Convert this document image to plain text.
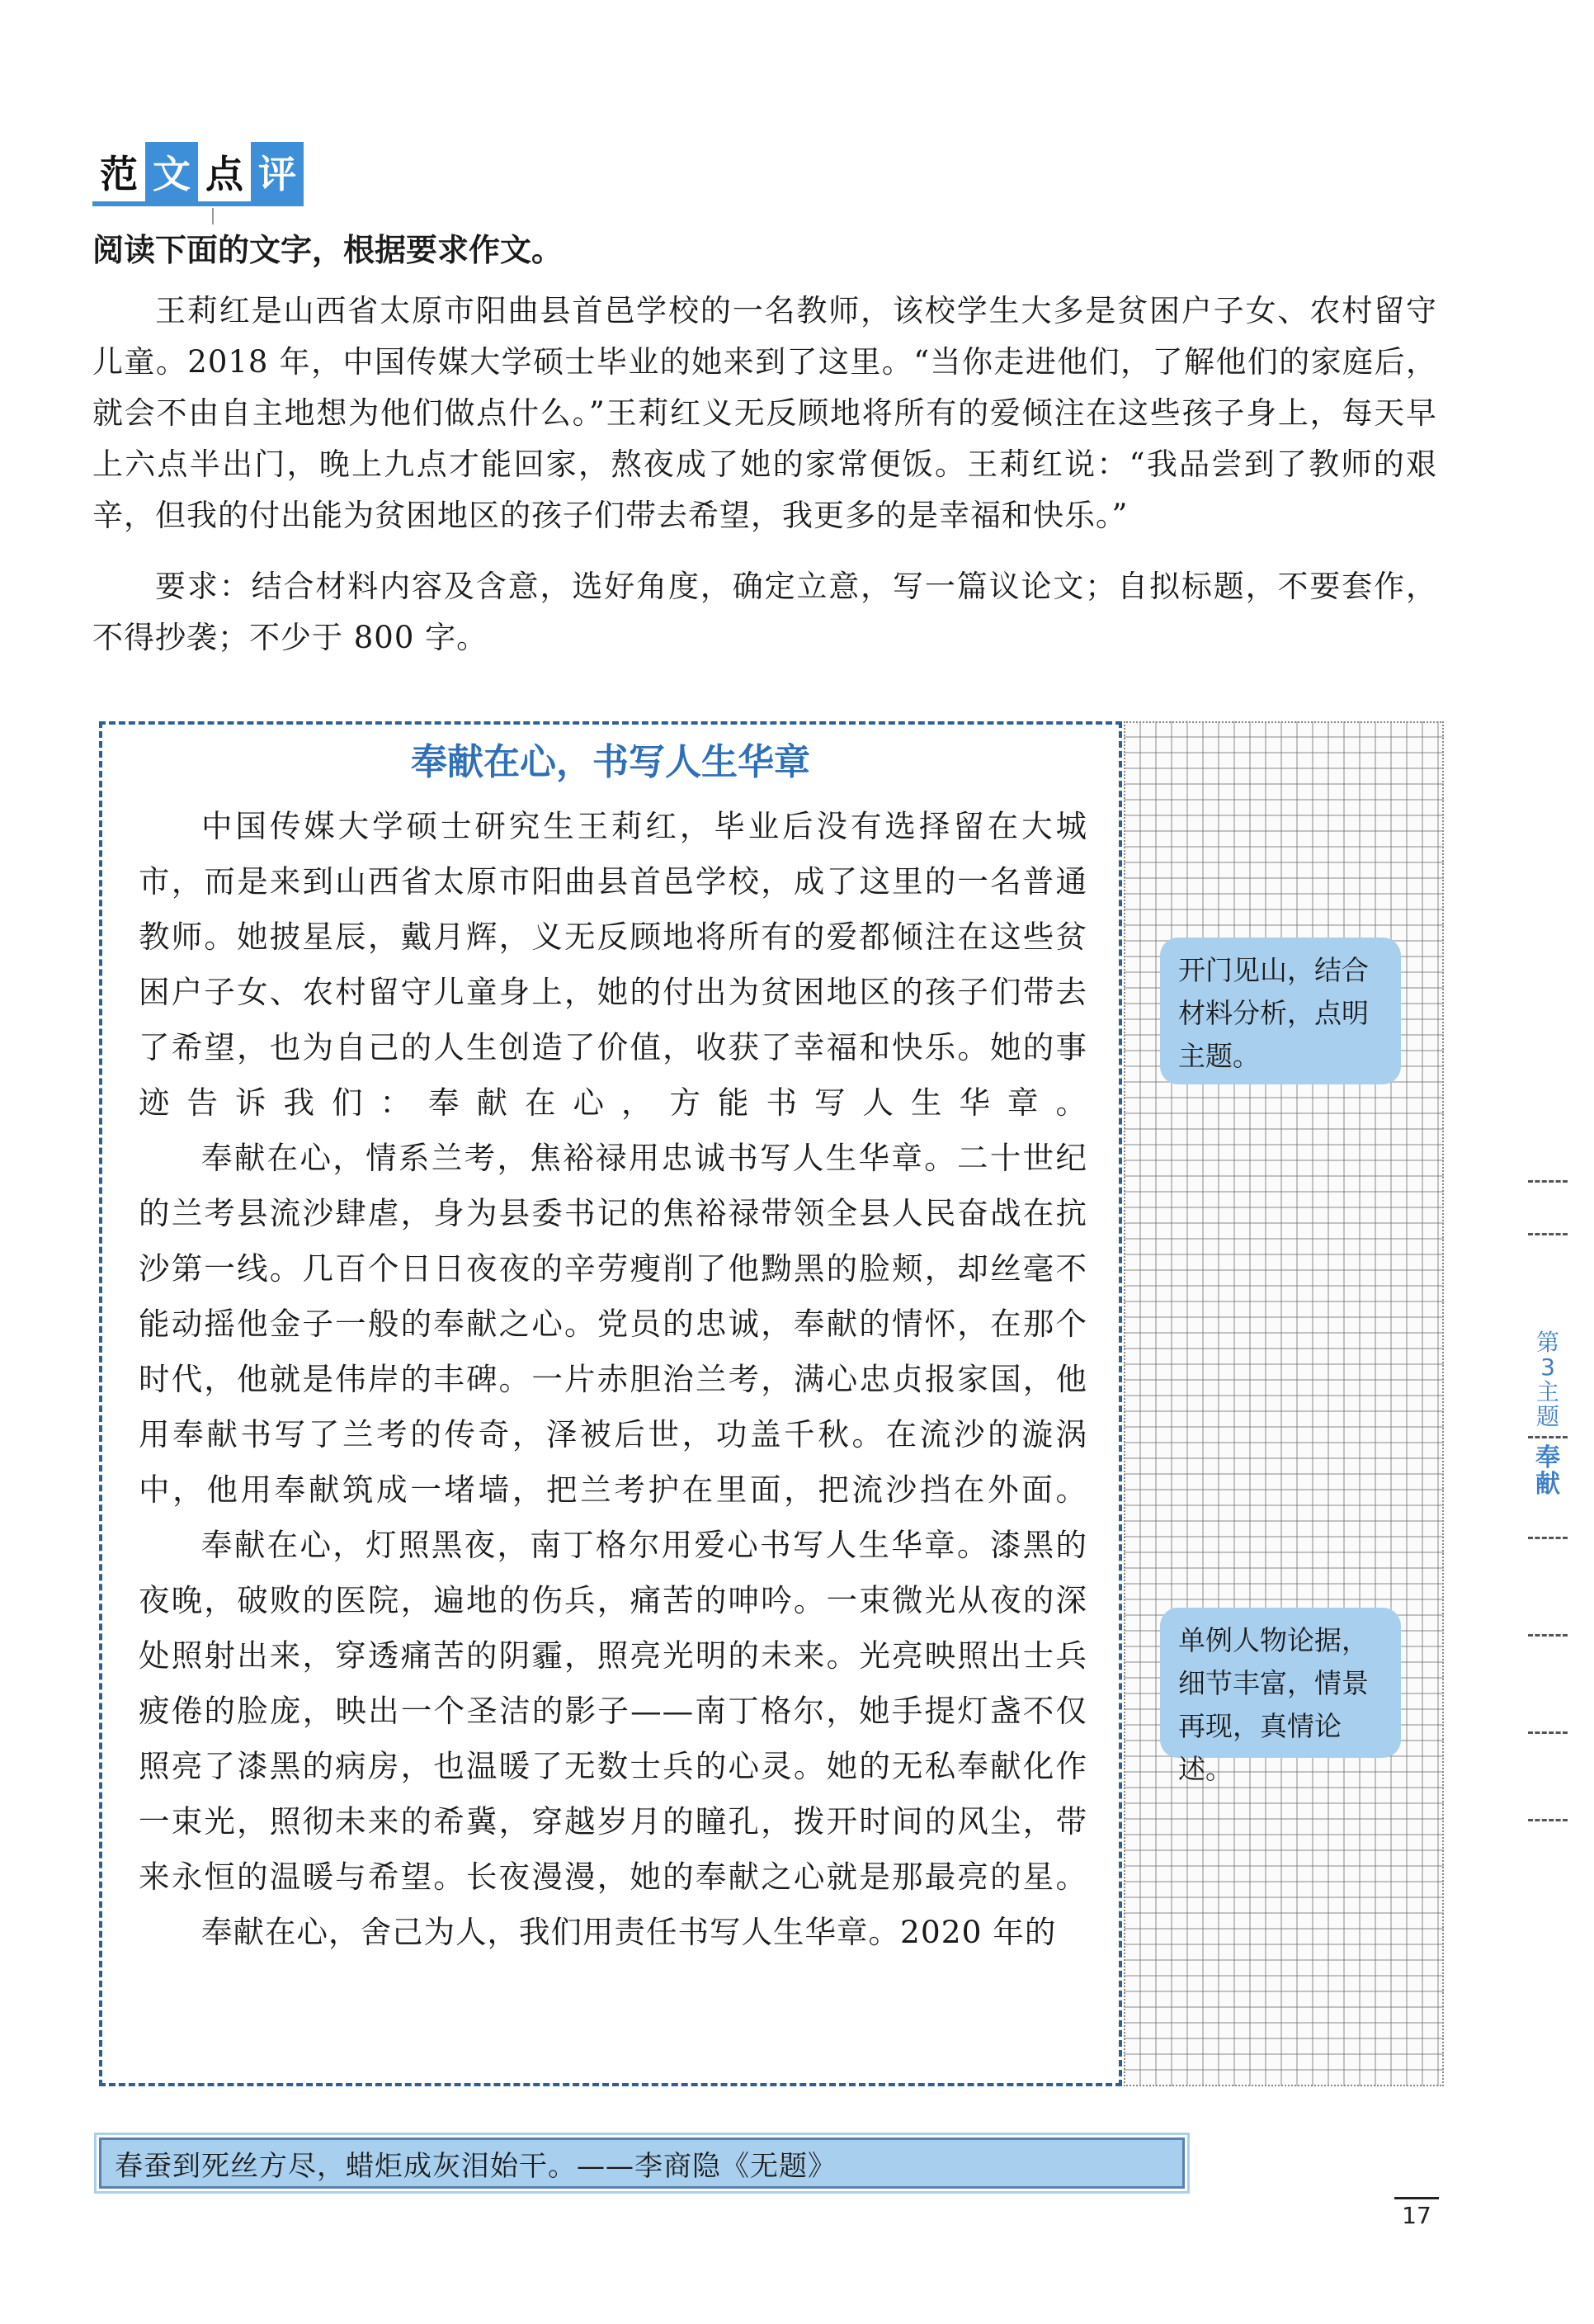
范 文 点 评
阅读下面的文字，根据要求作文。
王莉红是山西省太原市阳曲县首邑学校的一名教师，该校学生大多是贫困户子女、农村留守儿童。2018 年，中国传媒大学硕士毕业的她来到了这里。“当你走进他们，了解他们的家庭后，就会不由自主地想为他们做点什么。”王莉红义无反顾地将所有的爱倾注在这些孩子身上，每天早上六点半出门，晚上九点才能回家，熬夜成了她的家常便饭。王莉红说：“我品尝到了教师的艰辛，但我的付出能为贫困地区的孩子们带去希望，我更多的是幸福和快乐。”
要求：结合材料内容及含意，选好角度，确定立意，写一篇议论文；自拟标题，不要套作，不得抄袭；不少于 800 字。
奉献在心，书写人生华章

中国传媒大学硕士研究生王莉红，毕业后没有选择留在大城市，而是来到山西省太原市阳曲县首邑学校，成了这里的一名普通教师。她披星辰，戴月辉，义无反顾地将所有的爱都倾注在这些贫困户子女、农村留守儿童身上，她的付出为贫困地区的孩子们带去了希望，也为自己的人生创造了价值，收获了幸福和快乐。她的事迹告诉我们：奉献在心，方能书写人生华章。

奉献在心，情系兰考，焦裕禄用忠诚书写人生华章。二十世纪的兰考县流沙肆虐，身为县委书记的焦裕禄带领全县人民奋战在抗沙第一线。几百个日日夜夜的辛劳瘦削了他黝黑的脸颊，却丝毫不能动摇他金子一般的奉献之心。党员的忠诚，奉献的情怀，在那个时代，他就是伟岸的丰碑。一片赤胆治兰考，满心忠贞报家国，他用奉献书写了兰考的传奇，泽被后世，功盖千秋。在流沙的漩涡中，他用奉献筑成一堵墙，把兰考护在里面，把流沙挡在外面。

奉献在心，灯照黑夜，南丁格尔用爱心书写人生华章。漆黑的夜晚，破败的医院，遍地的伤兵，痛苦的呻吟。一束微光从夜的深处照射出来，穿透痛苦的阴霾，照亮光明的未来。光亮映照出士兵疲倦的脸庞，映出一个圣洁的影子——南丁格尔，她手提灯盏不仅照亮了漆黑的病房，也温暖了无数士兵的心灵。她的无私奉献化作一束光，照彻未来的希冀，穿越岁月的瞳孔，拨开时间的风尘，带来永恒的温暖与希望。长夜漫漫，她的奉献之心就是那最亮的星。

奉献在心，舍己为人，我们用责任书写人生华章。2020 年的

开门见山，结合材料分析，点明主题。
单例人物论据，细节丰富，情景再现，真情论述。
第3主题
奉献
春蚕到死丝方尽，蜡炬成灰泪始干。——李商隐《无题》
17
